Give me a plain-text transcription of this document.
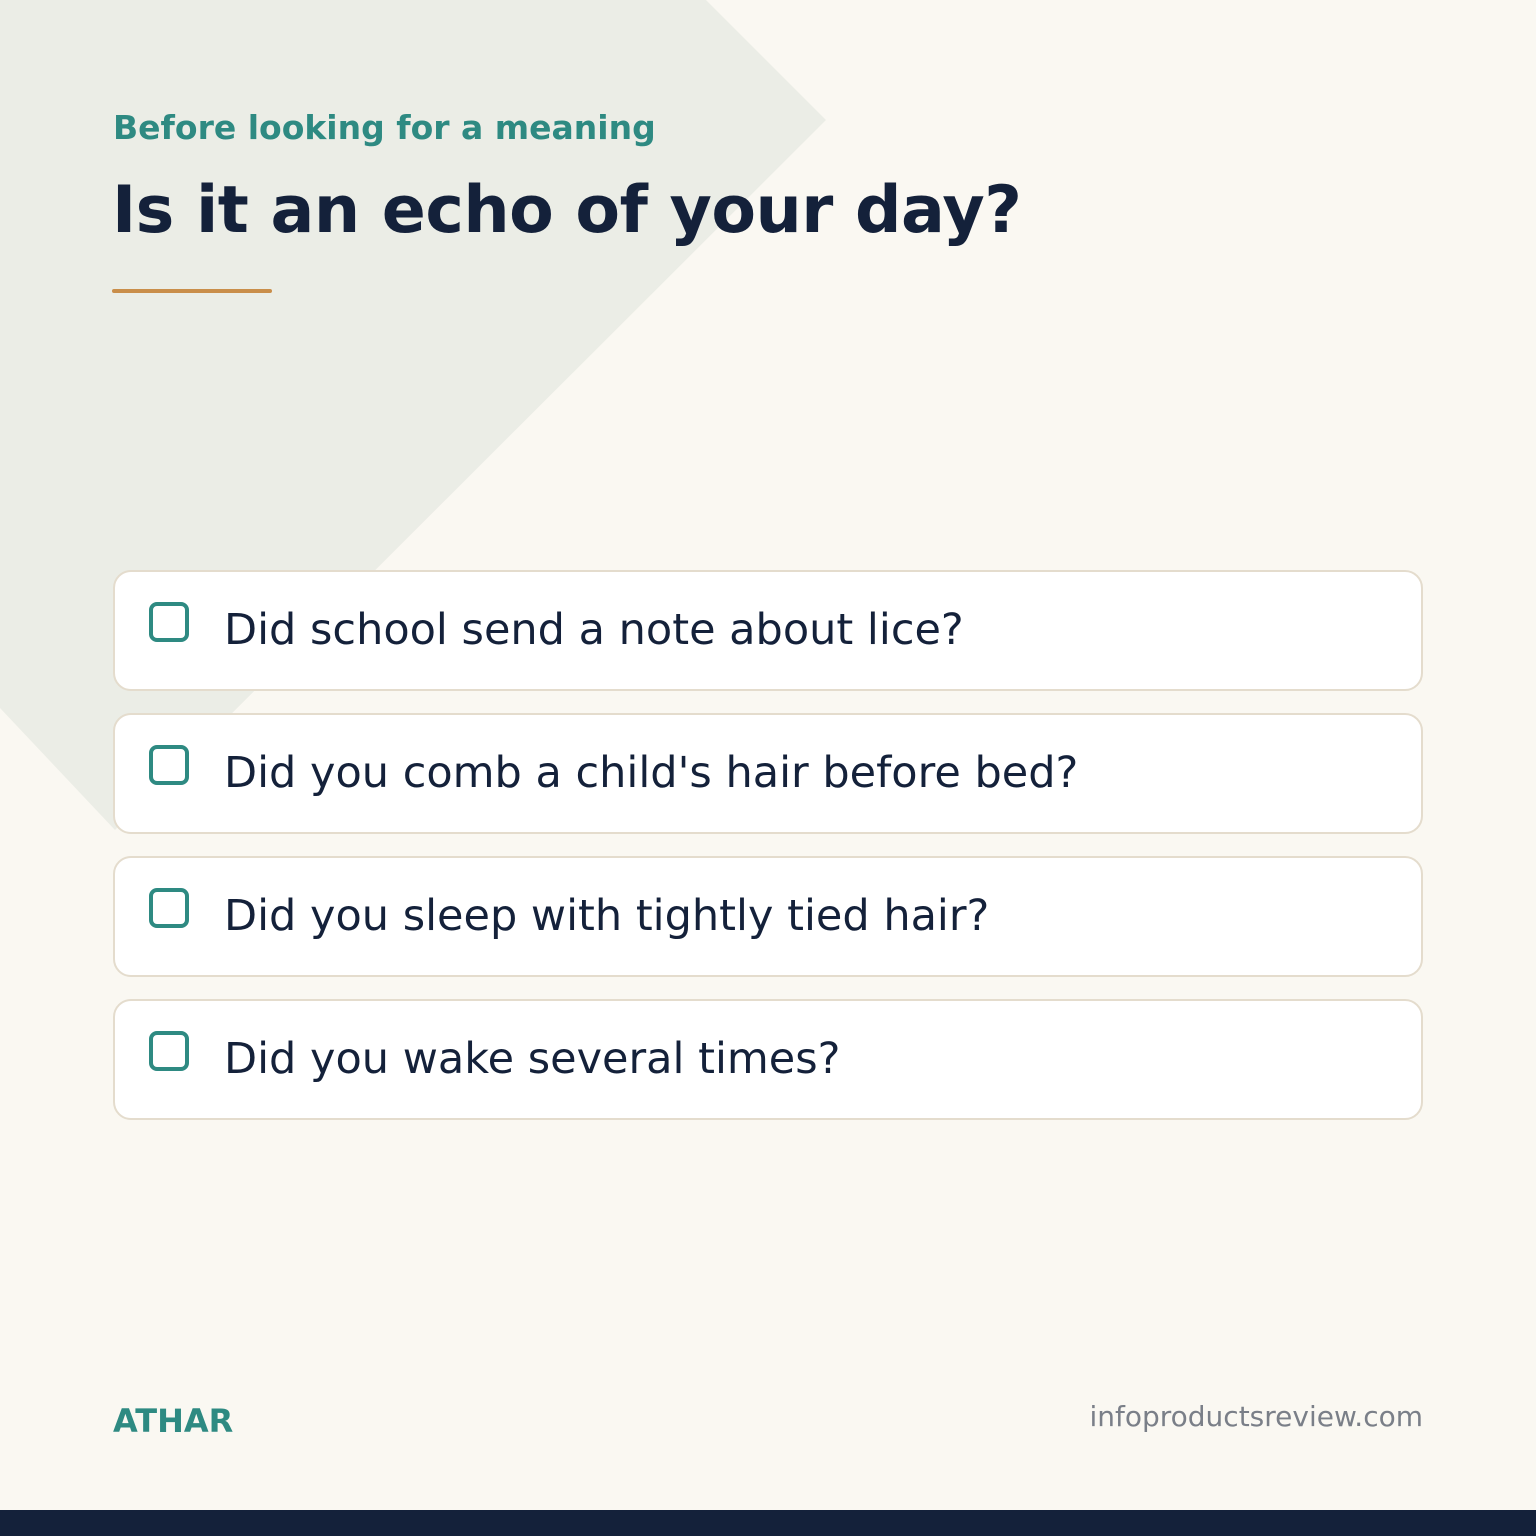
Before looking for a meaning
Is it an echo of your day?
Did school send a note about lice?
Did you comb a child's hair before bed?
Did you sleep with tightly tied hair?
Did you wake several times?
ATHAR	infoproductsreview.com
